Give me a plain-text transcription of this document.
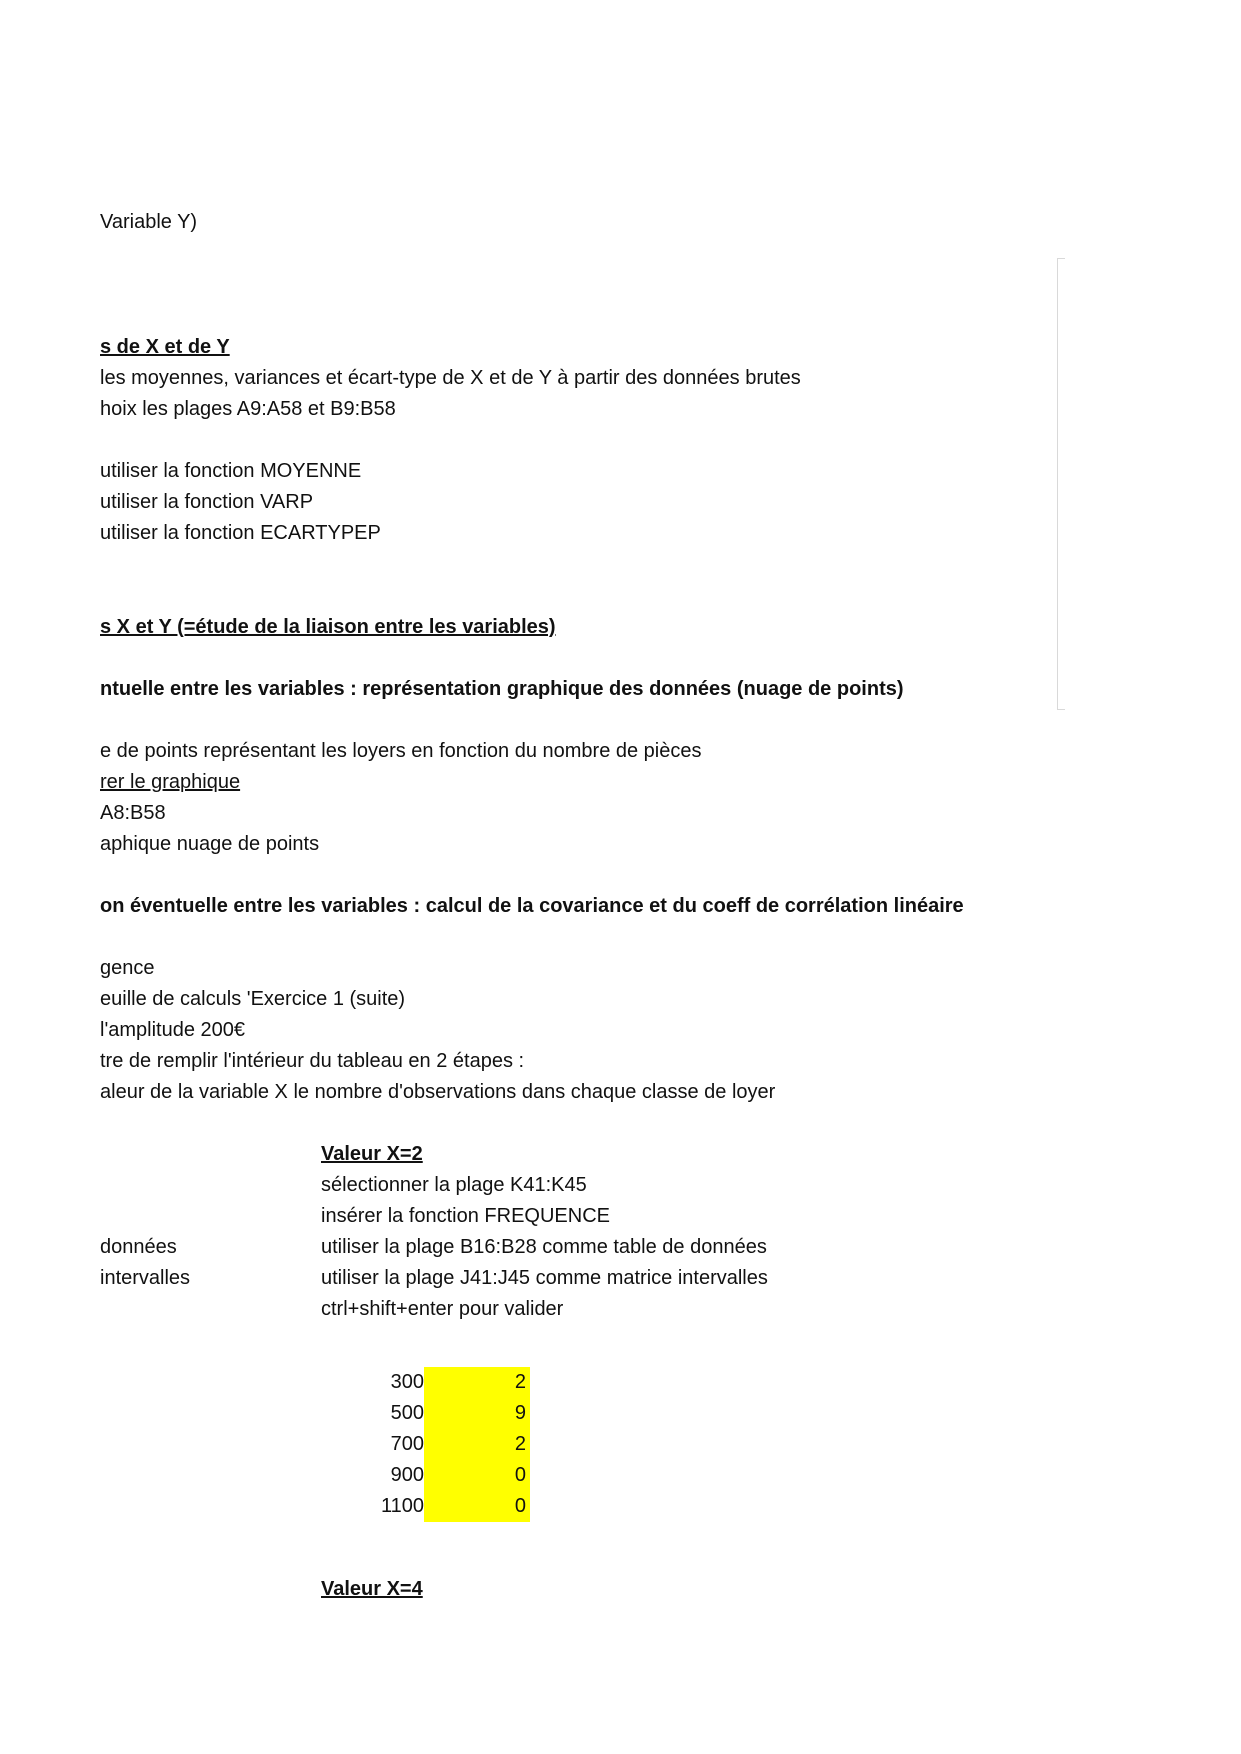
Variable Y)
s de X et de Y
les moyennes, variances et écart-type de X et de Y à partir des données brutes
hoix les plages A9:A58 et B9:B58
utiliser la fonction MOYENNE
utiliser la fonction VARP
utiliser la fonction ECARTYPEP
s X et Y (=étude de la liaison entre les variables)
ntuelle entre les variables : représentation graphique des données (nuage de points)
e de points représentant les loyers en fonction du nombre de pièces
rer le graphique
A8:B58
aphique nuage de points
on éventuelle entre les variables : calcul de la covariance et du coeff de corrélation linéaire
gence
euille de calculs 'Exercice 1 (suite)
l'amplitude 200€
tre de remplir l'intérieur du tableau en 2 étapes :
aleur de la variable X le nombre d'observations dans chaque classe de loyer
Valeur X=2
sélectionner la plage K41:K45
insérer la fonction FREQUENCE
données	utiliser la plage B16:B28 comme table de données
intervalles	utiliser la plage J41:J45 comme matrice intervalles
ctrl+shift+enter pour valider
300	2
500	9
700	2
900	0
1100	0
Valeur X=4
